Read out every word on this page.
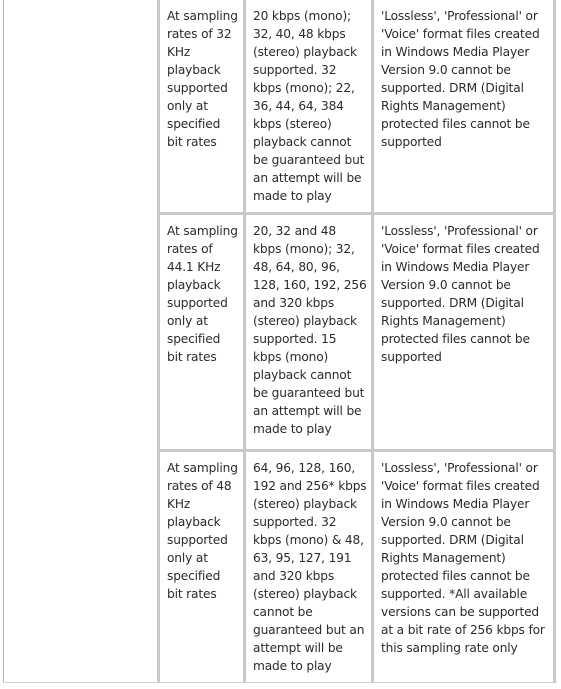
At sampling rates of 32 KHz playback supported only at specified bit rates	20 kbps (mono); 32, 40, 48 kbps (stereo) playback supported. 32 kbps (mono); 22, 36, 44, 64, 384 kbps (stereo) playback cannot be guaranteed but an attempt will be made to play	'Lossless', 'Professional' or 'Voice' format files created in Windows Media Player Version 9.0 cannot be supported. DRM (Digital Rights Management) protected files cannot be supported
At sampling rates of 44.1 KHz playback supported only at specified bit rates	20, 32 and 48 kbps (mono); 32, 48, 64, 80, 96, 128, 160, 192, 256 and 320 kbps (stereo) playback supported. 15 kbps (mono) playback cannot be guaranteed but an attempt will be made to play	'Lossless', 'Professional' or 'Voice' format files created in Windows Media Player Version 9.0 cannot be supported. DRM (Digital Rights Management) protected files cannot be supported
At sampling rates of 48 KHz playback supported only at specified bit rates	64, 96, 128, 160, 192 and 256* kbps (stereo) playback supported. 32 kbps (mono) & 48, 63, 95, 127, 191 and 320 kbps (stereo) playback cannot be guaranteed but an attempt will be made to play	'Lossless', 'Professional' or 'Voice' format files created in Windows Media Player Version 9.0 cannot be supported. DRM (Digital Rights Management) protected files cannot be supported. *All available versions can be supported at a bit rate of 256 kbps for this sampling rate only
